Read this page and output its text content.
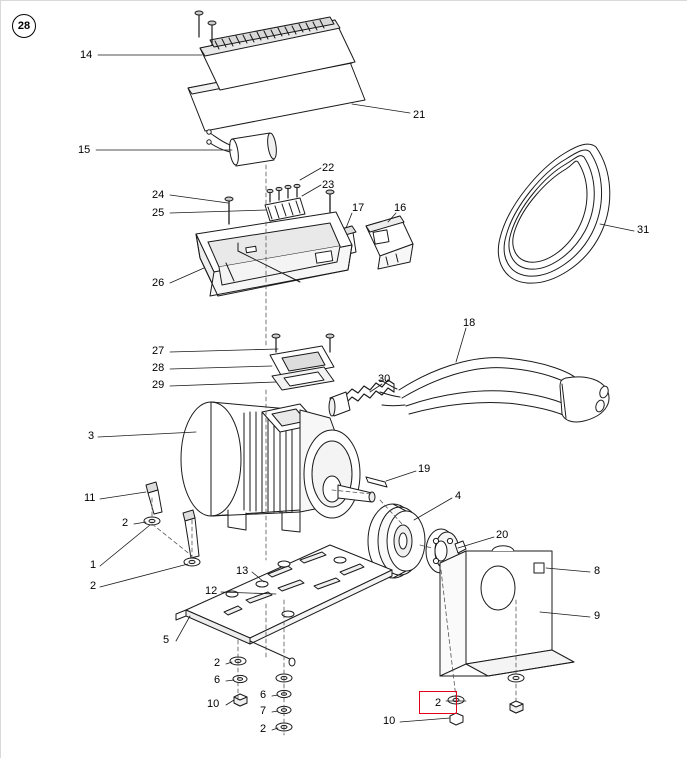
28
14
21
15
22
23
24
17	16
25
31
26
18
27
28
29	30
3
19
11	4
2
20
1	13	8
2	12
9
5
2
6
6
10
7
10
2
2
